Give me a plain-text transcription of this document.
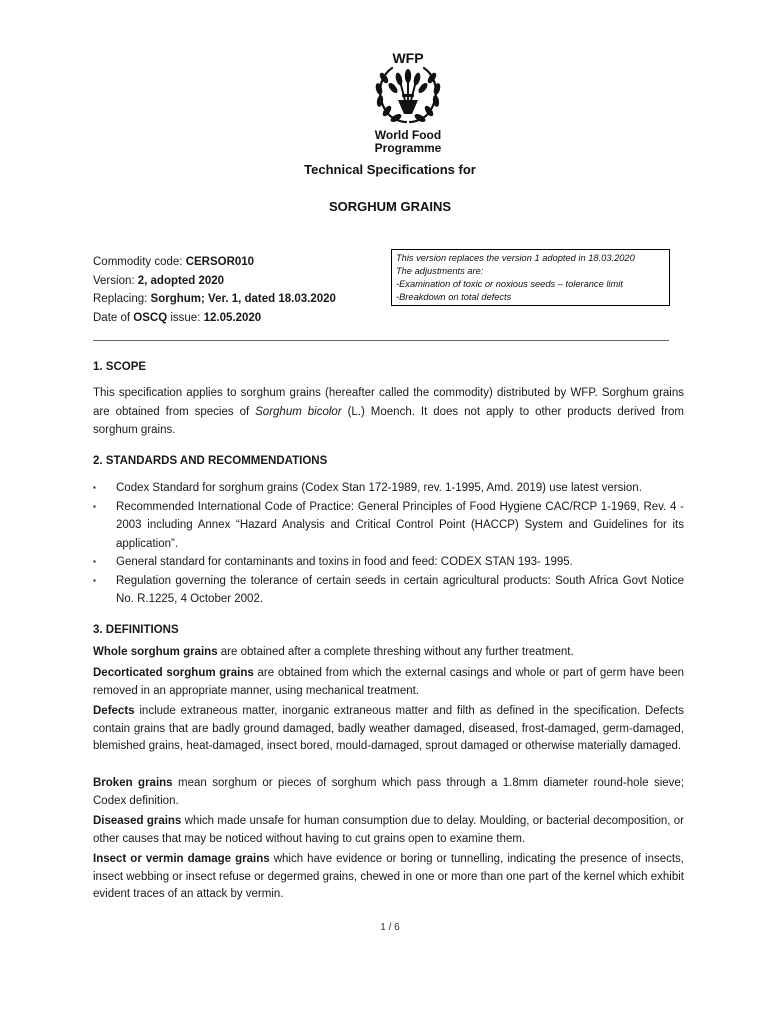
WFP
World Food
Programme
Technical Specifications for
SORGHUM GRAINS
Commodity code: CERSOR010
Version: 2, adopted 2020
Replacing: Sorghum; Ver. 1, dated 18.03.2020
Date of OSCQ issue: 12.05.2020
This version replaces the version 1 adopted in 18.03.2020
The adjustments are:
-Examination of toxic or noxious seeds – tolerance limit
-Breakdown on total defects
1. SCOPE
This specification applies to sorghum grains (hereafter called the commodity) distributed by WFP. Sorghum grains are obtained from species of Sorghum bicolor (L.) Moench. It does not apply to other products derived from sorghum grains.
2. STANDARDS AND RECOMMENDATIONS
▪ Codex Standard for sorghum grains (Codex Stan 172-1989, rev. 1-1995, Amd. 2019) use latest version.
▪ Recommended International Code of Practice: General Principles of Food Hygiene CAC/RCP 1-1969, Rev. 4 - 2003 including Annex “Hazard Analysis and Critical Control Point (HACCP) System and Guidelines for its application”.
▪ General standard for contaminants and toxins in food and feed: CODEX STAN 193- 1995.
▪ Regulation governing the tolerance of certain seeds in certain agricultural products: South Africa Govt Notice No. R.1225, 4 October 2002.
3. DEFINITIONS
Whole sorghum grains are obtained after a complete threshing without any further treatment.
Decorticated sorghum grains are obtained from which the external casings and whole or part of germ have been removed in an appropriate manner, using mechanical treatment.
Defects include extraneous matter, inorganic extraneous matter and filth as defined in the specification. Defects contain grains that are badly ground damaged, badly weather damaged, diseased, frost-damaged, germ-damaged, blemished grains, heat-damaged, insect bored, mould-damaged, sprout damaged or otherwise materially damaged.
Broken grains mean sorghum or pieces of sorghum which pass through a 1.8mm diameter round-hole sieve; Codex definition.
Diseased grains which made unsafe for human consumption due to delay. Moulding, or bacterial decomposition, or other causes that may be noticed without having to cut grains open to examine them.
Insect or vermin damage grains which have evidence or boring or tunnelling, indicating the presence of insects, insect webbing or insect refuse or degermed grains, chewed in one or more than one part of the kernel which exhibit evident traces of an attack by vermin.
1 / 6
